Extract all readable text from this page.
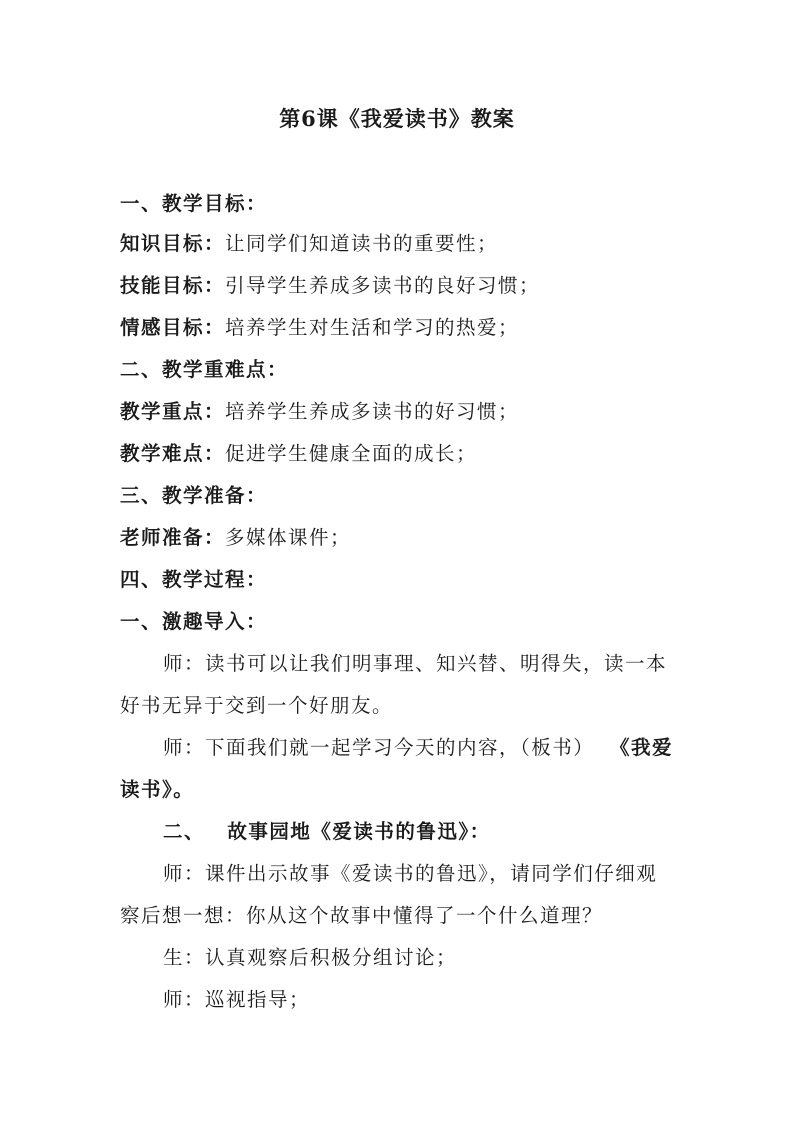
第6课《我爱读书》教案
一、教学目标：
知识目标：让同学们知道读书的重要性；
技能目标：引导学生养成多读书的良好习惯；
情感目标：培养学生对生活和学习的热爱；
二、教学重难点：
教学重点：培养学生养成多读书的好习惯；
教学难点：促进学生健康全面的成长；
三、教学准备：
老师准备：多媒体课件；
四、教学过程：
一、激趣导入：
师：读书可以让我们明事理、知兴替、明得失，读一本
好书无异于交到一个好朋友。
师：下面我们就一起学习今天的内容，（板书） 《我爱
读书》。
二、 故事园地《爱读书的鲁迅》：
师：课件出示故事《爱读书的鲁迅》，请同学们仔细观
察后想一想：你从这个故事中懂得了一个什么道理？
生：认真观察后积极分组讨论；
师：巡视指导；
